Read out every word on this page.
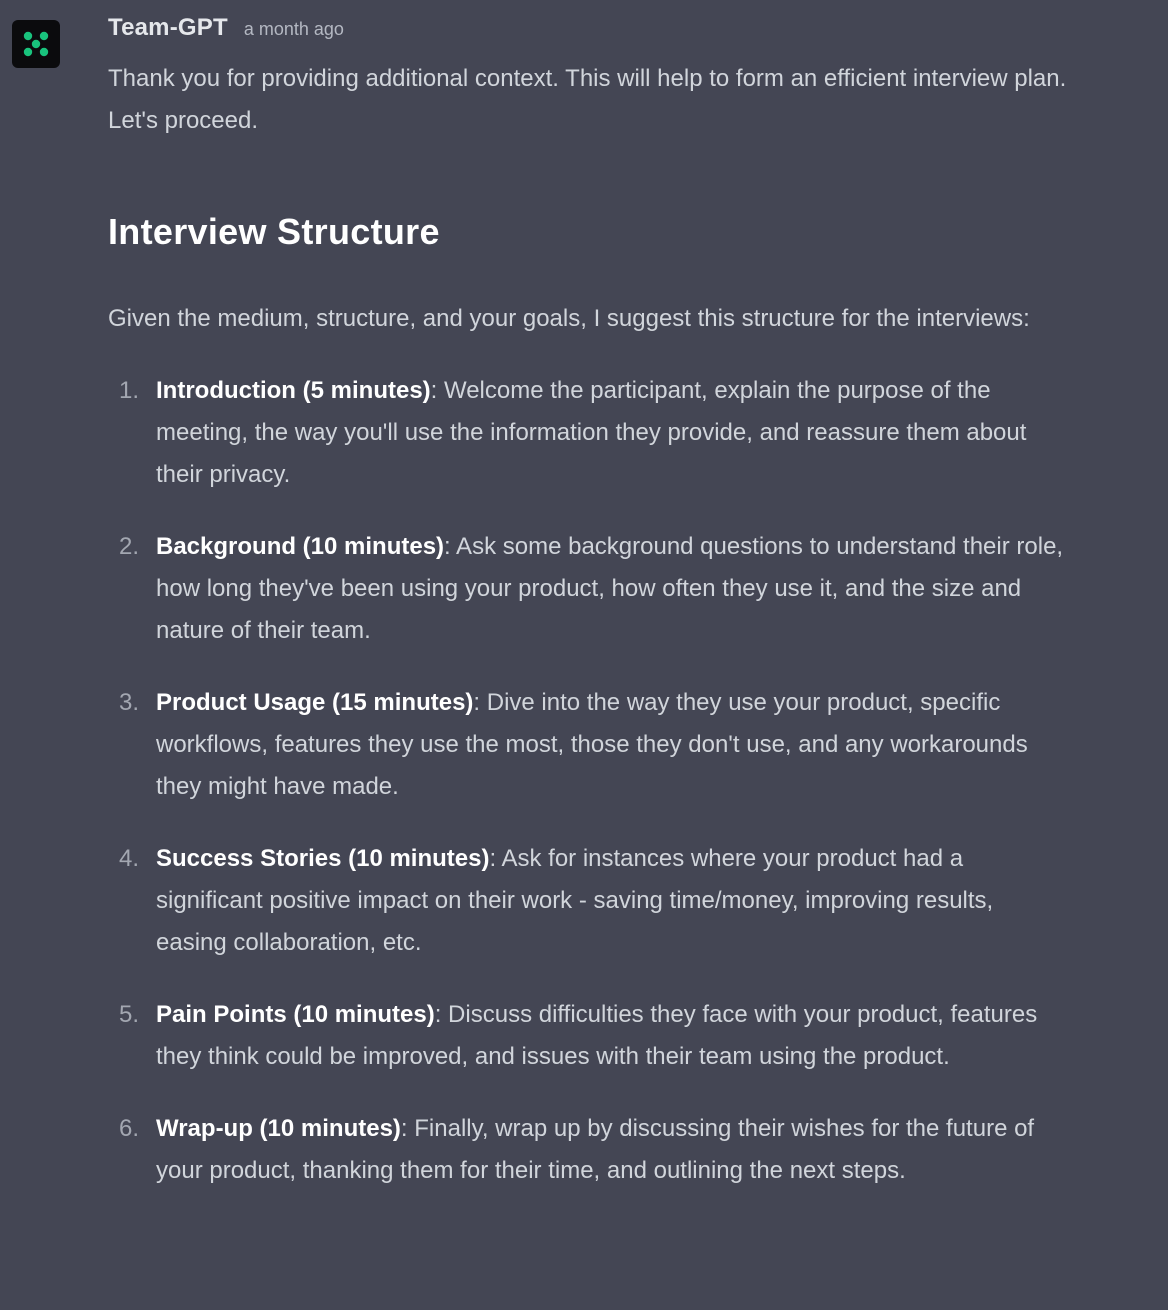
Team-GPT a month ago

Thank you for providing additional context. This will help to form an efficient interview plan. Let's proceed.

Interview Structure

Given the medium, structure, and your goals, I suggest this structure for the interviews:

1. Introduction (5 minutes): Welcome the participant, explain the purpose of the meeting, the way you'll use the information they provide, and reassure them about their privacy.
2. Background (10 minutes): Ask some background questions to understand their role, how long they've been using your product, how often they use it, and the size and nature of their team.
3. Product Usage (15 minutes): Dive into the way they use your product, specific workflows, features they use the most, those they don't use, and any workarounds they might have made.
4. Success Stories (10 minutes): Ask for instances where your product had a significant positive impact on their work - saving time/money, improving results, easing collaboration, etc.
5. Pain Points (10 minutes): Discuss difficulties they face with your product, features they think could be improved, and issues with their team using the product.
6. Wrap-up (10 minutes): Finally, wrap up by discussing their wishes for the future of your product, thanking them for their time, and outlining the next steps.
